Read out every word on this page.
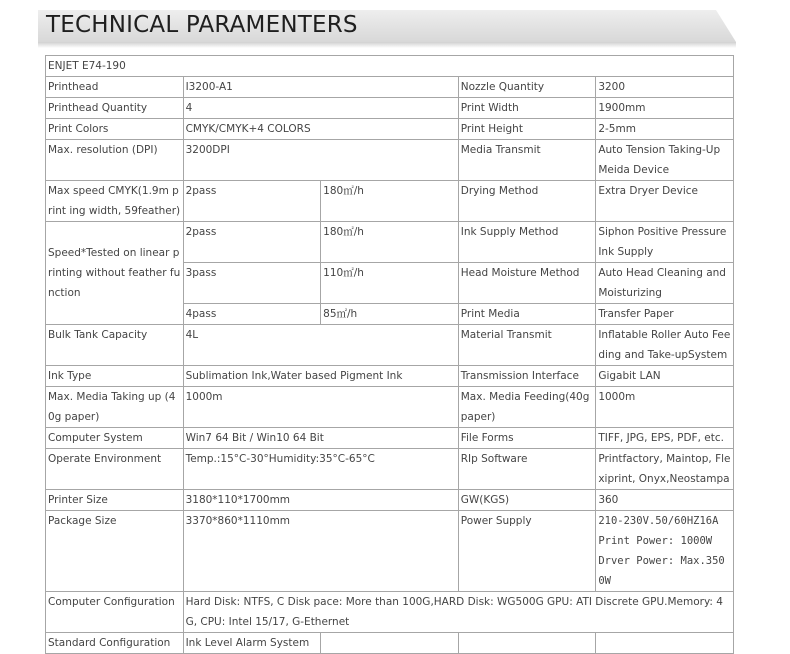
TECHNICAL PARAMENTERS
ENJET E74-190				
Printhead	I3200-A1		Nozzle Quantity	3200
Printhead Quantity	4		Print Width	1900mm
Print Colors	CMYK/CMYK+4 COLORS		Print Height	2-5mm
Max. resolution (DPI)	3200DPI		Media Transmit	Auto Tension Taking-Up Meida Device
Max speed CMYK(1.9m print ing width, 59feather)	2pass	180㎡/h	Drying Method	Extra Dryer Device
Speed*Tested on linear printing without feather function	2pass	180㎡/h	Ink Supply Method	Siphon Positive Pressure Ink Supply
	3pass	110㎡/h	Head Moisture Method	Auto Head Cleaning and Moisturizing
	4pass	85㎡/h	Print Media	Transfer Paper
Bulk Tank Capacity	4L		Material Transmit	Inflatable Roller Auto Feeding and Take-upSystem
Ink Type	Sublimation Ink,Water based Pigment Ink		Transmission Interface	Gigabit LAN
Max. Media Taking up (40g paper)	1000m		Max. Media Feeding(40g paper)	1000m
Computer System	Win7 64 Bit / Win10 64 Bit		File Forms	TIFF, JPG, EPS, PDF, etc.
Operate Environment	Temp.:15°C-30°Humidity:35°C-65°C		RIp Software	Printfactory, Maintop, Flexiprint, Onyx,Neostampa
Printer Size	3180*110*1700mm		GW(KGS)	360
Package Size	3370*860*1110mm		Power Supply	210-230V.50/60HZ16A
Print Power: 1000W
Drver Power: Max.3500W

Computer Configuration	Hard Disk: NTFS, C Disk pace: More than 100G,HARD Disk: WG500G GPU: ATI Discrete GPU.Memory: 4G, CPU: Intel 15/17, G-Ethernet			
Standard Configuration	Ink Level Alarm System			
